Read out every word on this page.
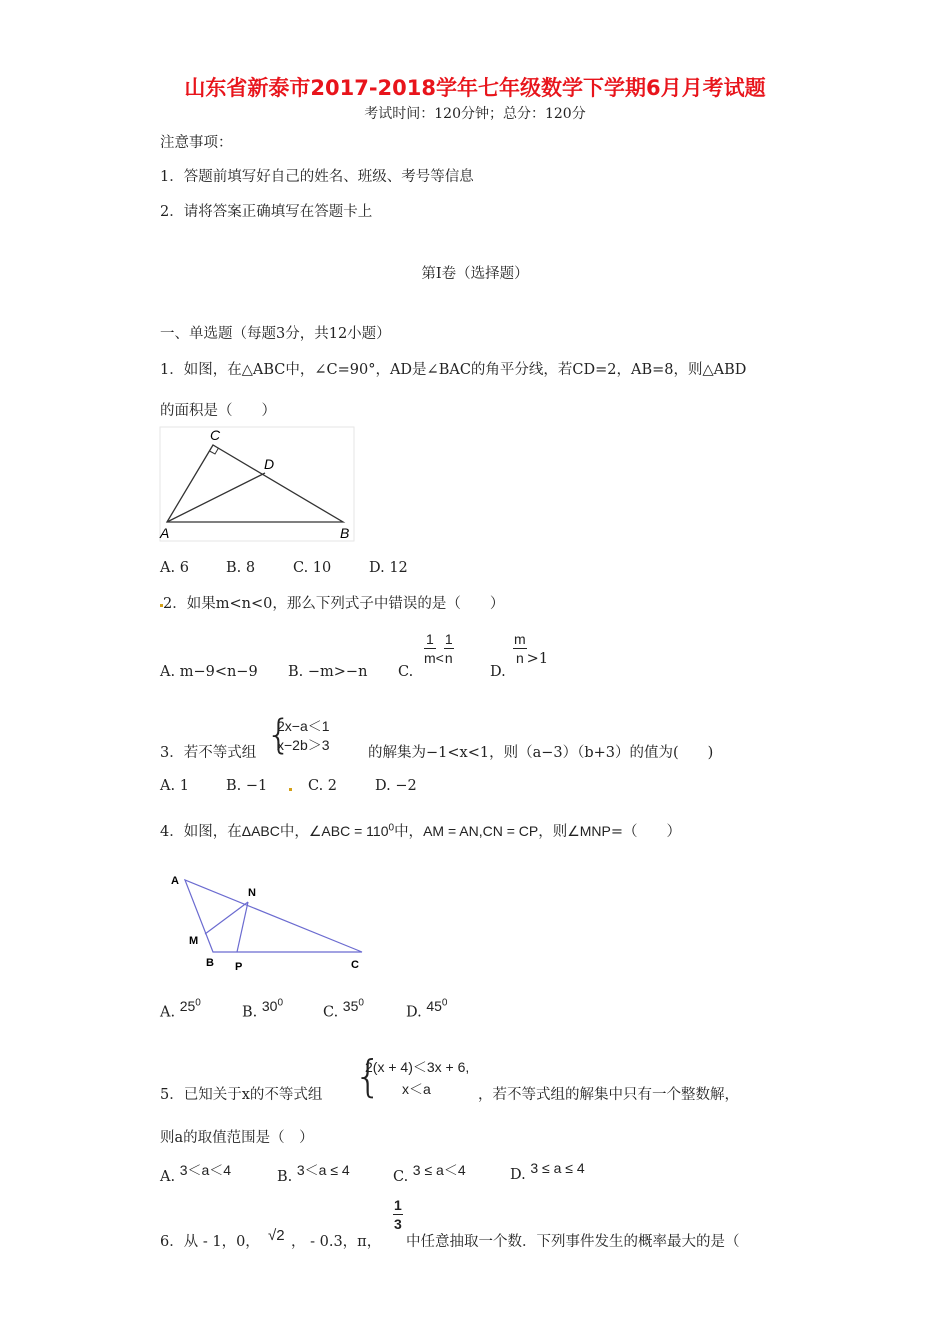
山东省新泰市2017-2018学年七年级数学下学期6月月考试题
考试时间：120分钟；总分：120分
注意事项：
1．答题前填写好自己的姓名、班级、考号等信息
2．请将答案正确填写在答题卡上
第I卷（选择题）
一、单选题（每题3分，共12小题）
1．如图，在△ABC中，∠C=90°，AD是∠BAC的角平分线，若CD=2，AB=8，则△ABD
的面积是（　　）
C
D
A	B
A. 6	B. 8	C. 10	D. 12
2．如果m<n<0，那么下列式子中错误的是（　　）
A. m−9<n−9 B. −m>−n C.
$\frac{1}{m} < \frac{1}{n}$
D.
$\frac{m}{n} >1$
3．若不等式组 {
2x−a＜1
x−2b＞3	的解集为−1<x<1，则（a−3）（b+3）的值为(　　)
A. 1	B. −1	C. 2	D. −2
4．如图，在ΔABC中，∠ABC = $110^0$中，AM = AN,CN = CP，则∠MNP=（　　）
A
N
M
B P	C
A. $25^0$
B. $30^0$
C. $35^0$
D. $45^0$
5．已知关于x的不等式组 {
2(x + 4)＜3x + 6,
x＜a	，若不等式组的解集中只有一个整数解，
则a的取值范围是（　）
A. 3＜a＜4	B. 3＜a ≤ 4	C. 3 ≤ a＜4	D. 3 ≤ a ≤ 4
6．从 - 1，0， √2 ， - 0.3，π，
$\frac{1}{3}$
中任意抽取一个数．下列事件发生的概率最大的是（
